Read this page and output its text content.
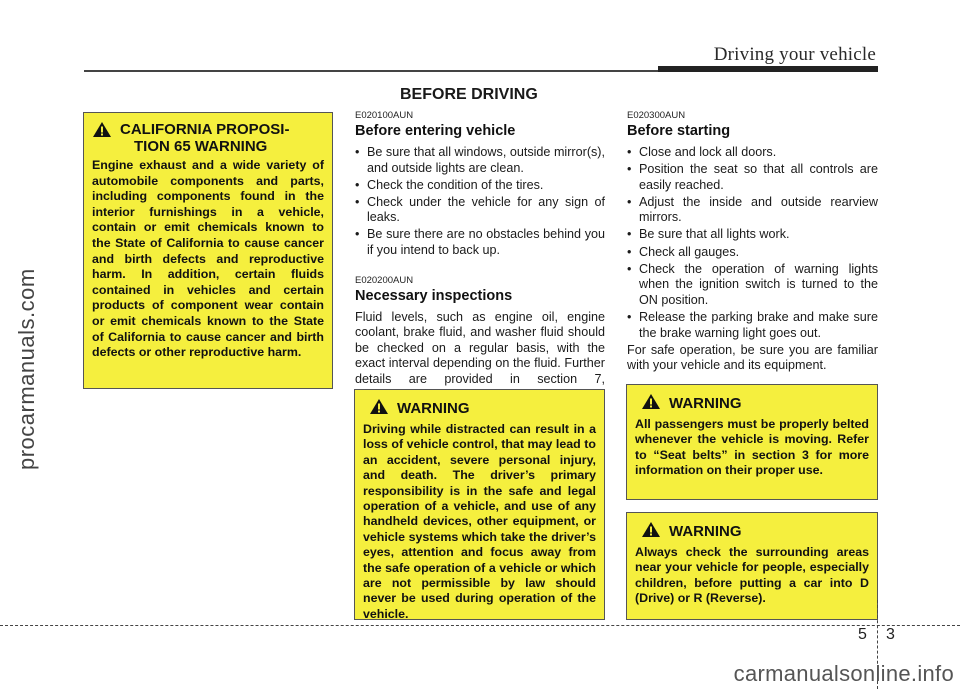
Driving your vehicle
BEFORE DRIVING
procarmanuals.com
CALIFORNIA PROPOSI-
TION 65 WARNING
Engine exhaust and a wide variety of automobile components and parts, including components found in the interior furnishings in a vehicle, contain or emit chemicals known to the State of California to cause cancer and birth defects and reproductive harm. In addition, certain fluids contained in vehicles and certain products of component wear contain or emit chemicals known to the State of California to cause cancer and birth defects or other reproductive harm.
E020100AUN
Before entering vehicle
• Be sure that all windows, outside mirror(s), and outside lights are clean.
• Check the condition of the tires.
• Check under the vehicle for any sign of leaks.
• Be sure there are no obstacles behind you if you intend to back up.
E020200AUN
Necessary inspections
Fluid levels, such as engine oil, engine coolant, brake fluid, and washer fluid should be checked on a regular basis, with the exact interval depending on the fluid. Further details are provided in section 7,
WARNING
Driving while distracted can result in a loss of vehicle control, that may lead to an accident, severe personal injury, and death. The driver’s primary responsibility is in the safe and legal operation of a vehicle, and use of any handheld devices, other equipment, or vehicle systems which take the driver’s eyes, attention and focus away from the safe operation of a vehicle or which are not permissible by law should never be used during operation of the vehicle.
E020300AUN
Before starting
• Close and lock all doors.
• Position the seat so that all controls are easily reached.
• Adjust the inside and outside rearview mirrors.
• Be sure that all lights work.
• Check all gauges.
• Check the operation of warning lights when the ignition switch is turned to the ON position.
• Release the parking brake and make sure the brake warning light goes out.
For safe operation, be sure you are familiar with your vehicle and its equipment.
WARNING
All passengers must be properly belted whenever the vehicle is moving. Refer to “Seat belts” in section 3 for more information on their proper use.
WARNING
Always check the surrounding areas near your vehicle for people, especially children, before putting a car into D (Drive) or R (Reverse).
5 3
carmanualsonline.info
